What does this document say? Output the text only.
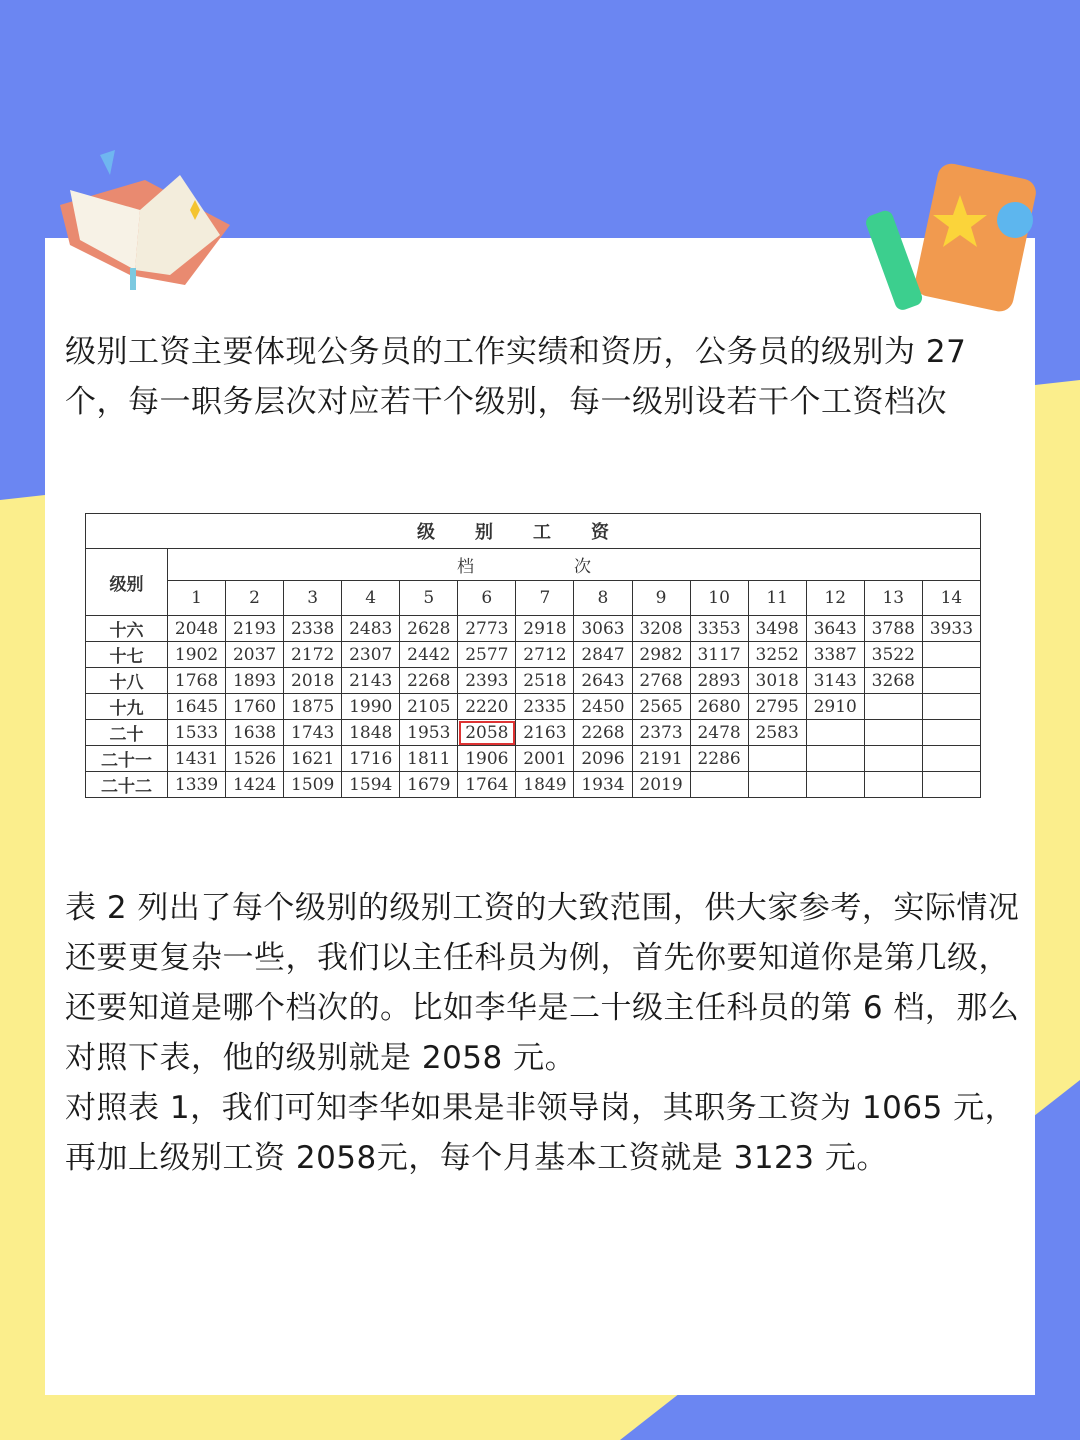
级别工资主要体现公务员的工作实绩和资历，公务员的级别为 27 个，每一职务层次对应若干个级别，每一级别设若干个工资档次
级别工资														
级别	档次													
	1	2	3	4	5	6	7	8	9	10	11	12	13	14
十六	2048	2193	2338	2483	2628	2773	2918	3063	3208	3353	3498	3643	3788	3933
十七	1902	2037	2172	2307	2442	2577	2712	2847	2982	3117	3252	3387	3522	
十八	1768	1893	2018	2143	2268	2393	2518	2643	2768	2893	3018	3143	3268	
十九	1645	1760	1875	1990	2105	2220	2335	2450	2565	2680	2795	2910		
二十	1533	1638	1743	1848	1953	2058	2163	2268	2373	2478	2583			
二十一	1431	1526	1621	1716	1811	1906	2001	2096	2191	2286				
二十二	1339	1424	1509	1594	1679	1764	1849	1934	2019					
表 2 列出了每个级别的级别工资的大致范围，供大家参考，实际情况还要更复杂一些，我们以主任科员为例，首先你要知道你是第几级，还要知道是哪个档次的。比如李华是二十级主任科员的第 6 档，那么对照下表，他的级别就是 2058 元。
对照表 1，我们可知李华如果是非领导岗，其职务工资为 1065 元，再加上级别工资 2058元，每个月基本工资就是 3123 元。
